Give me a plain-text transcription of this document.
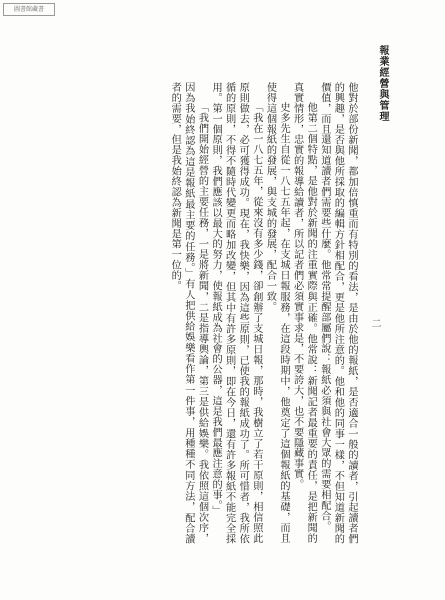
圖書館藏書
報業經營與管理
二

他對於部份新聞，都加倍慎重而有特別的看法，是由於他的報紙，是否適合一般的讀者，引起讀者們的興趣，是否與他所採取的編輯方針相配合，更是他所注意的。他和他的同事一樣，不但知道新聞的價值，而且還知道讀者們需要些什麼。他常常提醒部屬們說：報紙必須與社會大眾的需要相配合。

他第二個特點，是他對於新聞的注重實際與正確。他常說：新聞記者最重要的責任，是把新聞的真實情形，忠實的報導給讀者，所以記者們必須實事求是，不要誇大，也不要隱藏事實。

史多先生自從一八七五年起，在支城日報服務，在這段時期中，他奠定了這個報紙的基礎，而且使得這個報紙的發展，與支城的發展，配合一致。

「我在一八七五年，從來沒有多少錢，卻創辦了支城日報，那時，我樹立了若干原則，相信照此原則做去，必可獲得成功。現在，我快樂，因為這些原則，已使我的報紙成功了。所可惜者，我所依循的原則，不得不隨時代變更而略加改變，但其中有許多原則，即在今日，還有許多報紙不能完全採用。第一個原則，我們應該以最大的努力，使報紙成為社會的公器，這是我們最應注意的事。」

「我們開始經營的主要任務，一是將新聞，二是指導輿論，第三是供給娛樂。我依照這個次序，因為我始終認為這是報紙最主要的任務。」有人把供給娛樂看作第一件事，用種種不同方法，配合讀者的需要，但是我始終認為新聞是第一位的。
